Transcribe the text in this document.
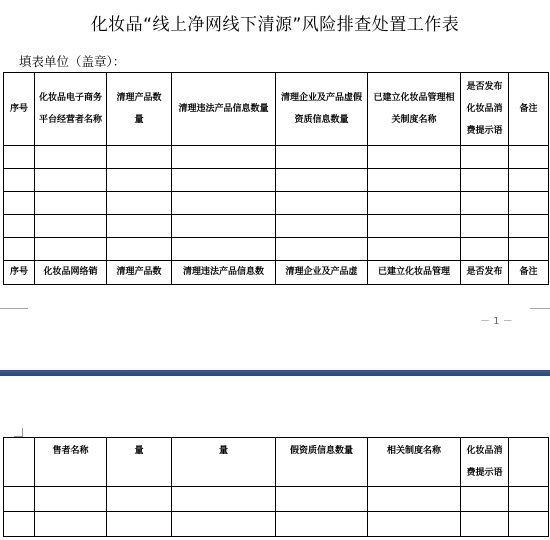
化妆品“线上净网线下清源”风险排查处置工作表
填表单位（盖章）：
序号	化妆品电子商务平台经营者名称	清理产品数量	清理违法产品信息数量	清理企业及产品虚假资质信息数量	已建立化妆品管理相关制度名称	是否发布化妆品消费提示语	备注

序号	化妆品网络销	清理产品数	清理违法产品信息数	清理企业及产品虚	已建立化妆品管理	是否发布	备注
－ 1 －
	售者名称	量	量	假资质信息数量	相关制度名称	化妆品消费提示语	
